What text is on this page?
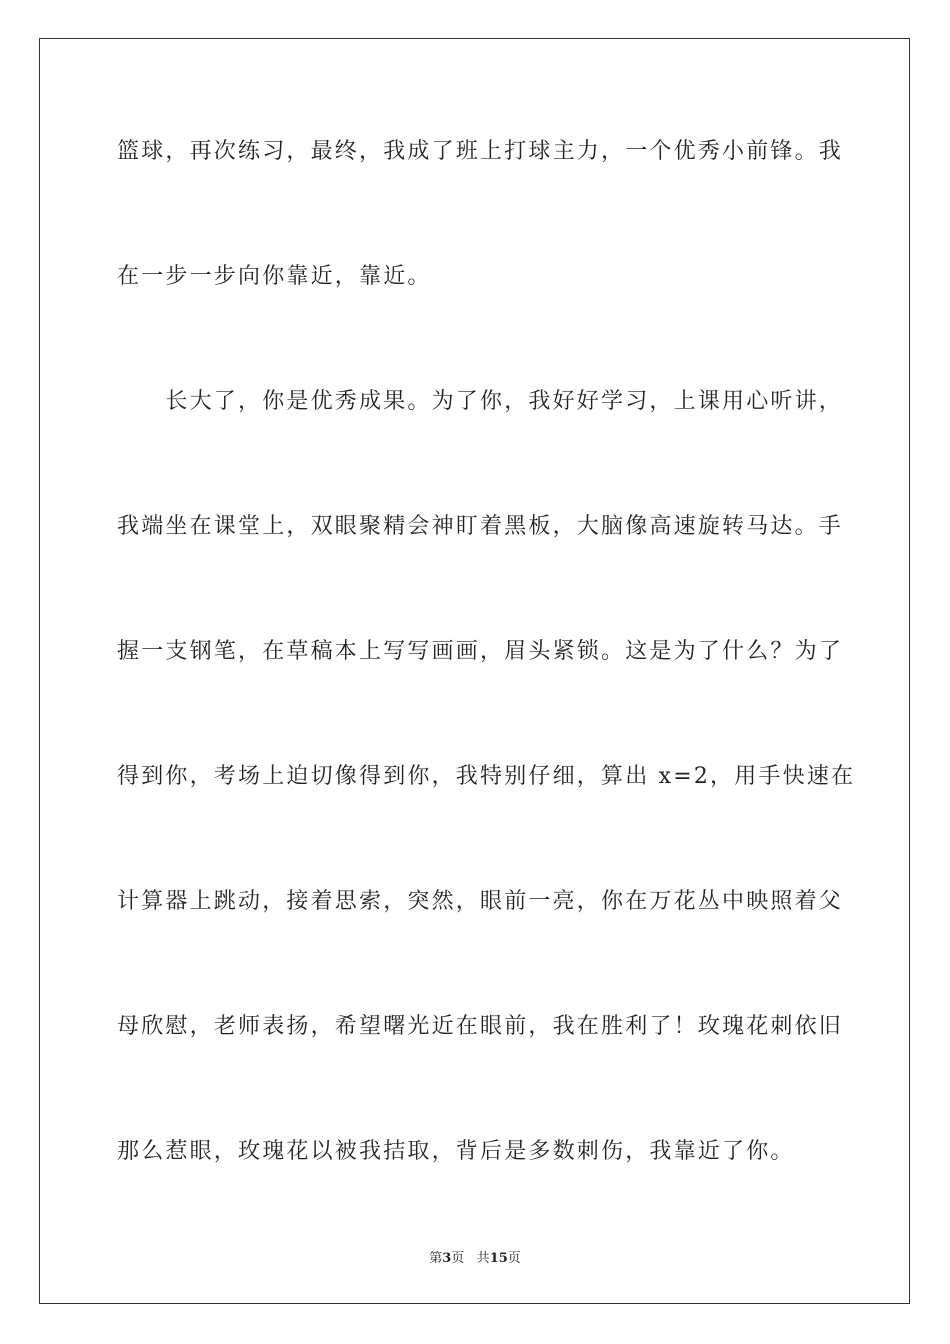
篮球，再次练习，最终，我成了班上打球主力，一个优秀小前锋。我
在一步一步向你靠近，靠近。
　　长大了，你是优秀成果。为了你，我好好学习，上课用心听讲，
我端坐在课堂上，双眼聚精会神盯着黑板，大脑像高速旋转马达。手
握一支钢笔，在草稿本上写写画画，眉头紧锁。这是为了什么？为了
得到你，考场上迫切像得到你，我特别仔细，算出 x=2，用手快速在
计算器上跳动，接着思索，突然，眼前一亮，你在万花丛中映照着父
母欣慰，老师表扬，希望曙光近在眼前，我在胜利了！玫瑰花刺依旧
那么惹眼，玫瑰花以被我拮取，背后是多数刺伤，我靠近了你。
第3页 共15页
